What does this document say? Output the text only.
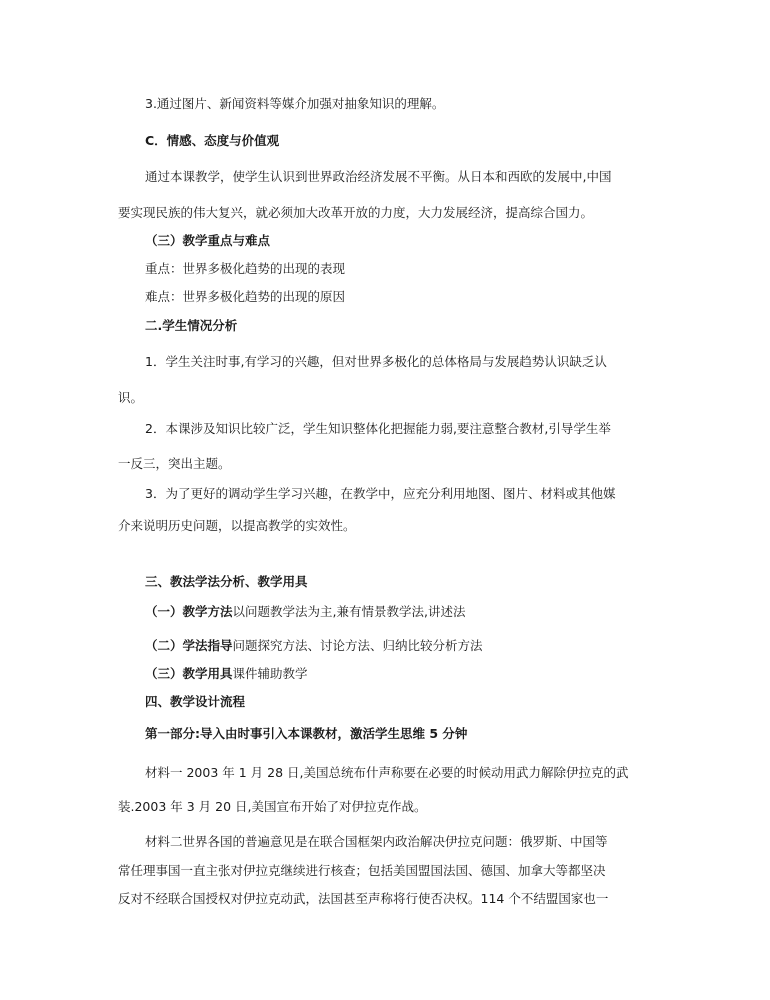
3.通过图片、新闻资料等媒介加强对抽象知识的理解。
C．情感、态度与价值观
通过本课教学，使学生认识到世界政治经济发展不平衡。从日本和西欧的发展中,中国
要实现民族的伟大复兴，就必须加大改革开放的力度，大力发展经济，提高综合国力。
（三）教学重点与难点
重点：世界多极化趋势的出现的表现
难点：世界多极化趋势的出现的原因
二.学生情况分析
1．学生关注时事,有学习的兴趣，但对世界多极化的总体格局与发展趋势认识缺乏认
识。
2．本课涉及知识比较广泛，学生知识整体化把握能力弱,要注意整合教材,引导学生举
一反三，突出主题。
3．为了更好的调动学生学习兴趣，在教学中，应充分利用地图、图片、材料或其他媒
介来说明历史问题，以提高教学的实效性。
三、教法学法分析、教学用具
（一）教学方法以问题教学法为主,兼有情景教学法,讲述法
（二）学法指导问题探究方法、讨论方法、归纳比较分析方法
（三）教学用具课件辅助教学
四、教学设计流程
第一部分:导入由时事引入本课教材，激活学生思维 5 分钟
材料一 2003 年 1 月 28 日,美国总统布什声称要在必要的时候动用武力解除伊拉克的武
装.2003 年 3 月 20 日,美国宣布开始了对伊拉克作战。
材料二世界各国的普遍意见是在联合国框架内政治解决伊拉克问题：俄罗斯、中国等
常任理事国一直主张对伊拉克继续进行核查；包括美国盟国法国、德国、加拿大等都坚决
反对不经联合国授权对伊拉克动武，法国甚至声称将行使否决权。114 个不结盟国家也一
